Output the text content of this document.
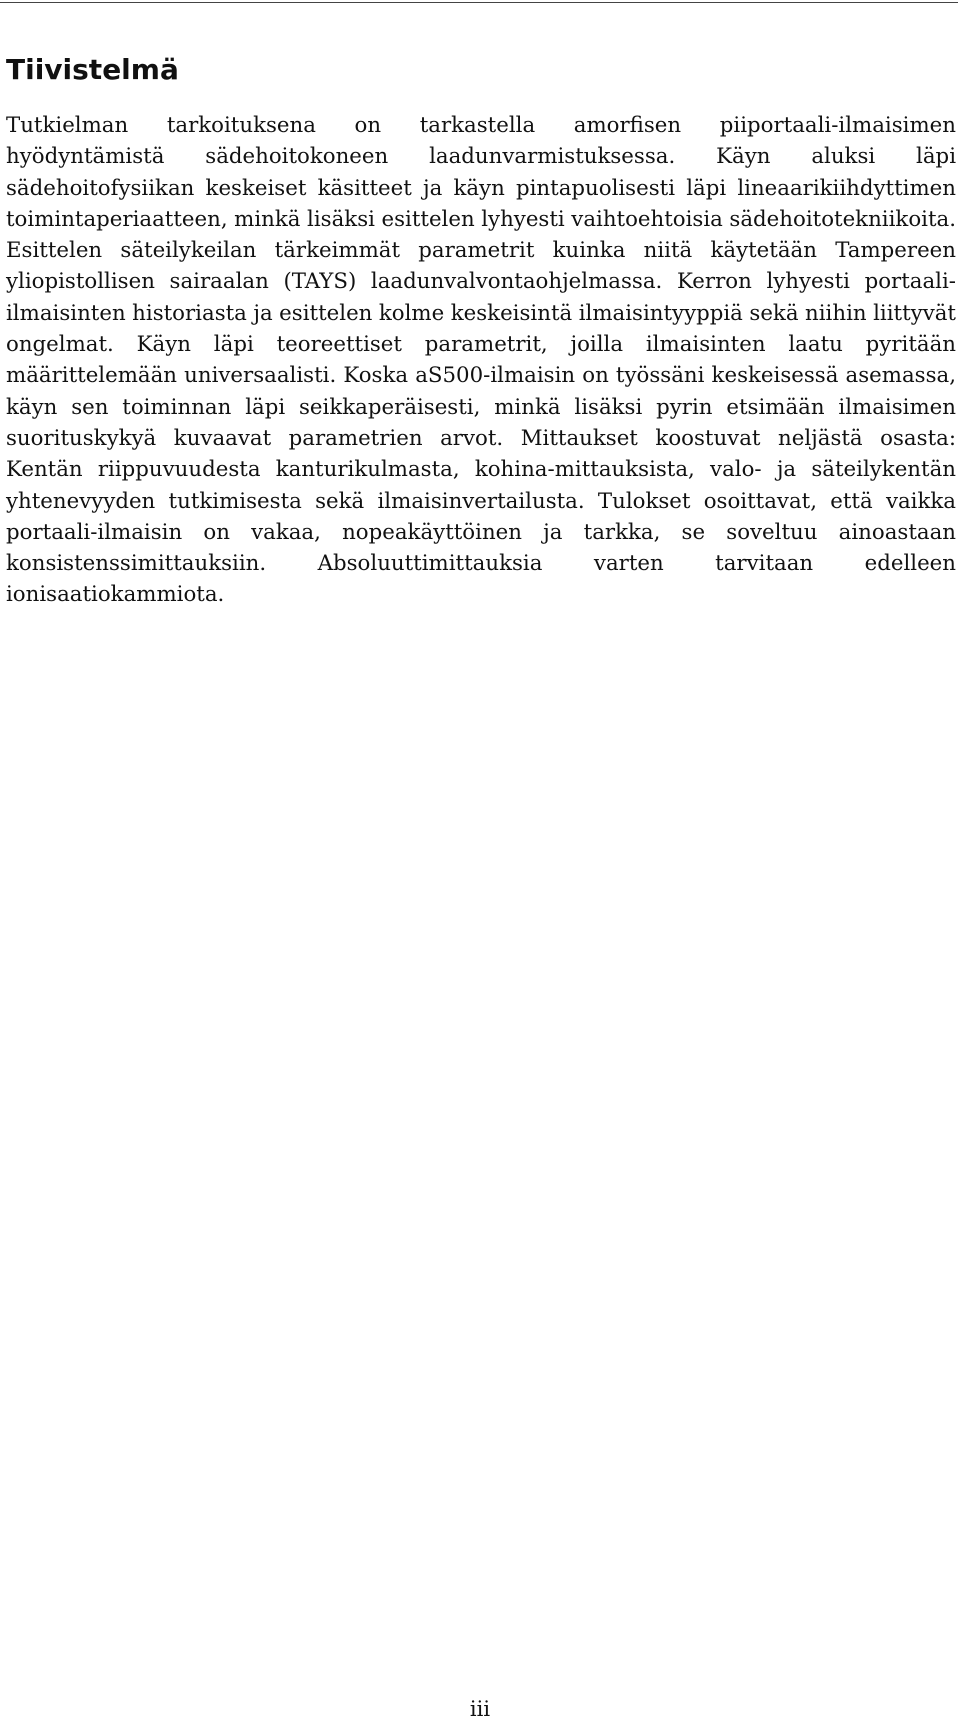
Tiivistelmä

Tutkielman tarkoituksena on tarkastella amorfisen piiportaali-ilmaisimen hyödyntämistä sädehoitokoneen laadunvarmistuksessa. Käyn aluksi läpi sädehoitofysiikan keskeiset käsitteet ja käyn pintapuolisesti läpi lineaarikiihdyttimen toimintaperiaatteen, minkä lisäksi esittelen lyhyesti vaihtoehtoisia sädehoitotekniikoita. Esittelen säteilykeilan tärkeimmät parametrit kuinka niitä käytetään Tampereen yliopistollisen sairaalan (TAYS) laadunvalvontaohjelmassa. Kerron lyhyesti portaali-ilmaisinten historiasta ja esittelen kolme keskeisintä ilmaisintyyppiä sekä niihin liittyvät ongelmat. Käyn läpi teoreettiset parametrit, joilla ilmaisinten laatu pyritään määrittelemään universaalisti. Koska aS500-ilmaisin on työssäni keskeisessä asemassa, käyn sen toiminnan läpi seikkaperäisesti, minkä lisäksi pyrin etsimään ilmaisimen suorituskykyä kuvaavat parametrien arvot. Mittaukset koostuvat neljästä osasta: Kentän riippuvuudesta kanturikulmasta, kohina-mittauksista, valo- ja säteilykentän yhtenevyyden tutkimisesta sekä ilmaisinvertailusta. Tulokset osoittavat, että vaikka portaali-ilmaisin on vakaa, nopeakäyttöinen ja tarkka, se soveltuu ainoastaan konsistenssimittauksiin. Absoluuttimittauksia varten tarvitaan edelleen ionisaatiokammiota.

iii
